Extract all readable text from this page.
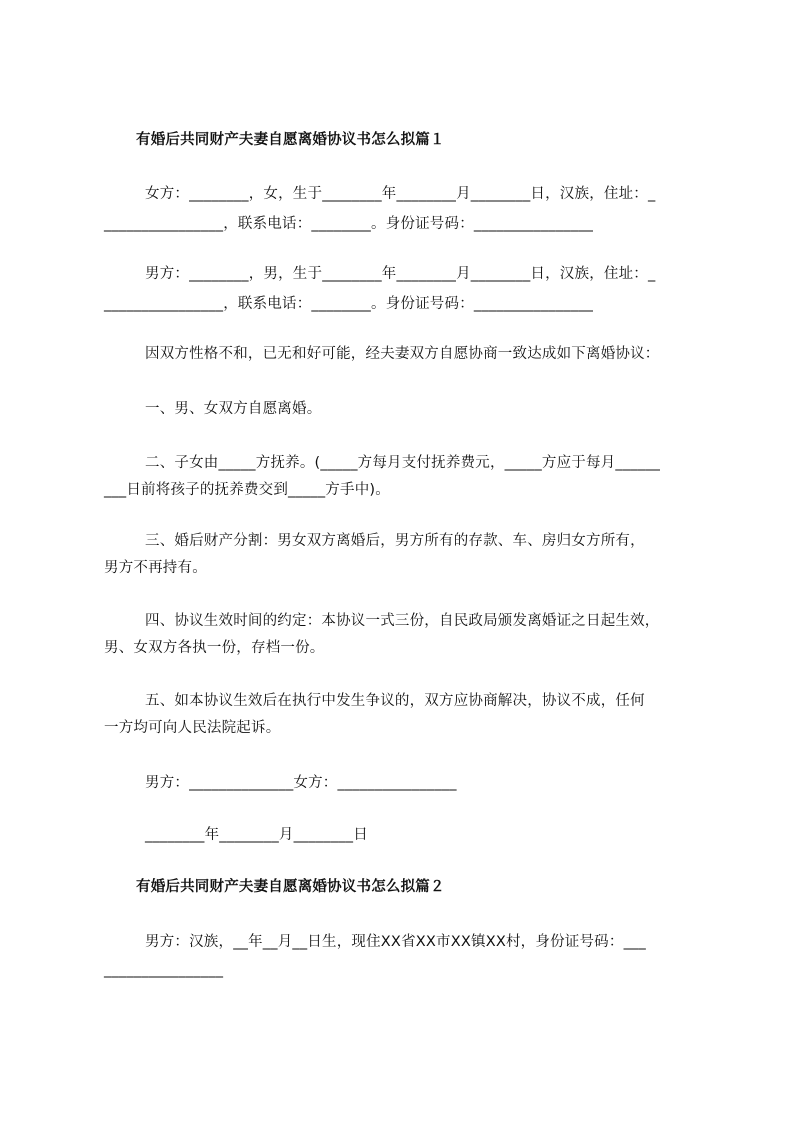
有婚后共同财产夫妻自愿离婚协议书怎么拟篇１
女方：________，女，生于________年________月________日，汉族，住址：_
________________，联系电话：________。身份证号码：________________
男方：________，男，生于________年________月________日，汉族，住址：_
________________，联系电话：________。身份证号码：________________
因双方性格不和，已无和好可能，经夫妻双方自愿协商一致达成如下离婚协议：
一、男、女双方自愿离婚。
二、子女由_____方抚养。(_____方每月支付抚养费元，_____方应于每月______
___日前将孩子的抚养费交到_____方手中)。
三、婚后财产分割：男女双方离婚后，男方所有的存款、车、房归女方所有，
男方不再持有。
四、协议生效时间的约定：本协议一式三份，自民政局颁发离婚证之日起生效，
男、女双方各执一份，存档一份。
五、如本协议生效后在执行中发生争议的，双方应协商解决，协议不成，任何
一方均可向人民法院起诉。
男方：______________女方：________________
________年________月________日
有婚后共同财产夫妻自愿离婚协议书怎么拟篇２
男方：汉族，__年__月__日生，现住XX省XX市XX镇XX村，身份证号码：___
________________
